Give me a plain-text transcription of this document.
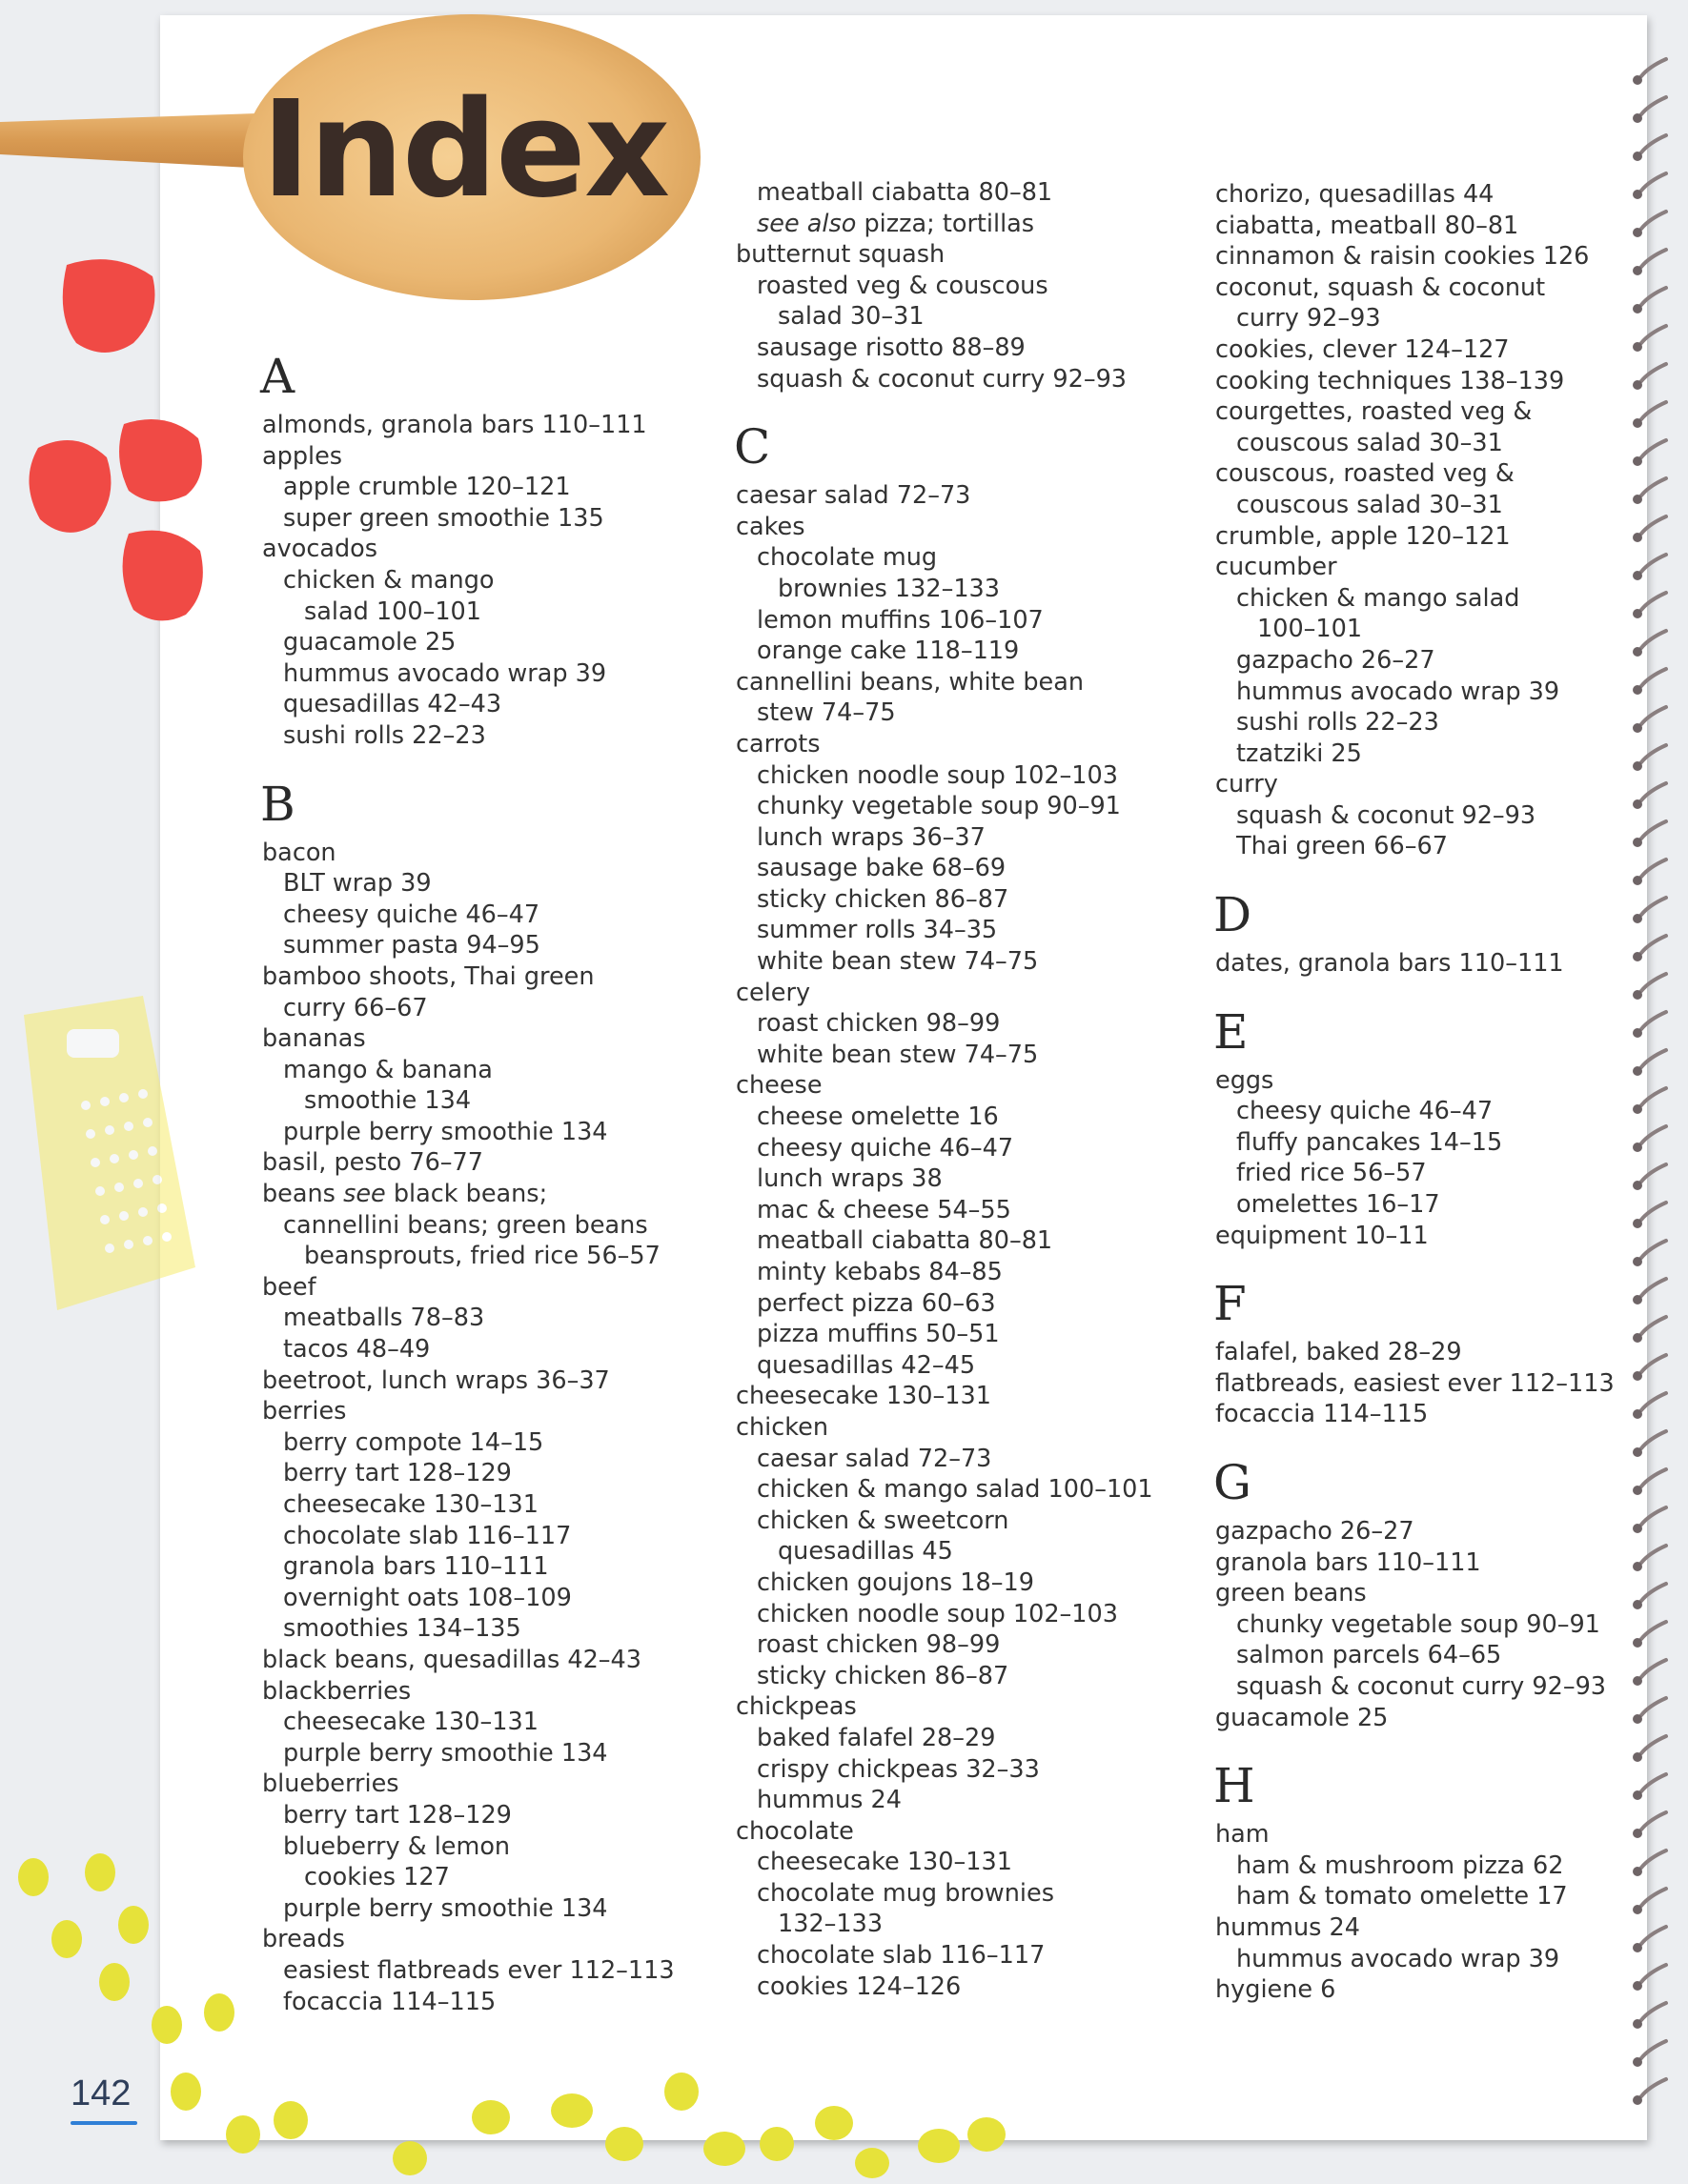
Index
A
almonds, granola bars 110–111
apples
apple crumble 120–121
super green smoothie 135
avocados
chicken & mango
salad 100–101
guacamole 25
hummus avocado wrap 39
quesadillas 42–43
sushi rolls 22–23
B
bacon
BLT wrap 39
cheesy quiche 46–47
summer pasta 94–95
bamboo shoots, Thai green
curry 66–67
bananas
mango & banana
smoothie 134
purple berry smoothie 134
basil, pesto 76–77
beans see black beans;
cannellini beans; green beans
beansprouts, fried rice 56–57
beef
meatballs 78–83
tacos 48–49
beetroot, lunch wraps 36–37
berries
berry compote 14–15
berry tart 128–129
cheesecake 130–131
chocolate slab 116–117
granola bars 110–111
overnight oats 108–109
smoothies 134–135
black beans, quesadillas 42–43
blackberries
cheesecake 130–131
purple berry smoothie 134
blueberries
berry tart 128–129
blueberry & lemon
cookies 127
purple berry smoothie 134
breads
easiest flatbreads ever 112–113
focaccia 114–115
meatball ciabatta 80–81
see also pizza; tortillas
butternut squash
roasted veg & couscous
salad 30–31
sausage risotto 88–89
squash & coconut curry 92–93
C
caesar salad 72–73
cakes
chocolate mug
brownies 132–133
lemon muffins 106–107
orange cake 118–119
cannellini beans, white bean
stew 74–75
carrots
chicken noodle soup 102–103
chunky vegetable soup 90–91
lunch wraps 36–37
sausage bake 68–69
sticky chicken 86–87
summer rolls 34–35
white bean stew 74–75
celery
roast chicken 98–99
white bean stew 74–75
cheese
cheese omelette 16
cheesy quiche 46–47
lunch wraps 38
mac & cheese 54–55
meatball ciabatta 80–81
minty kebabs 84–85
perfect pizza 60–63
pizza muffins 50–51
quesadillas 42–45
cheesecake 130–131
chicken
caesar salad 72–73
chicken & mango salad 100–101
chicken & sweetcorn
quesadillas 45
chicken goujons 18–19
chicken noodle soup 102–103
roast chicken 98–99
sticky chicken 86–87
chickpeas
baked falafel 28–29
crispy chickpeas 32–33
hummus 24
chocolate
cheesecake 130–131
chocolate mug brownies
132–133
chocolate slab 116–117
cookies 124–126
chorizo, quesadillas 44
ciabatta, meatball 80–81
cinnamon & raisin cookies 126
coconut, squash & coconut
curry 92–93
cookies, clever 124–127
cooking techniques 138–139
courgettes, roasted veg &
couscous salad 30–31
couscous, roasted veg &
couscous salad 30–31
crumble, apple 120–121
cucumber
chicken & mango salad
100–101
gazpacho 26–27
hummus avocado wrap 39
sushi rolls 22–23
tzatziki 25
curry
squash & coconut 92–93
Thai green 66–67
D
dates, granola bars 110–111
E
eggs
cheesy quiche 46–47
fluffy pancakes 14–15
fried rice 56–57
omelettes 16–17
equipment 10–11
F
falafel, baked 28–29
flatbreads, easiest ever 112–113
focaccia 114–115
G
gazpacho 26–27
granola bars 110–111
green beans
chunky vegetable soup 90–91
salmon parcels 64–65
squash & coconut curry 92–93
guacamole 25
H
ham
ham & mushroom pizza 62
ham & tomato omelette 17
hummus 24
hummus avocado wrap 39
hygiene 6
142
